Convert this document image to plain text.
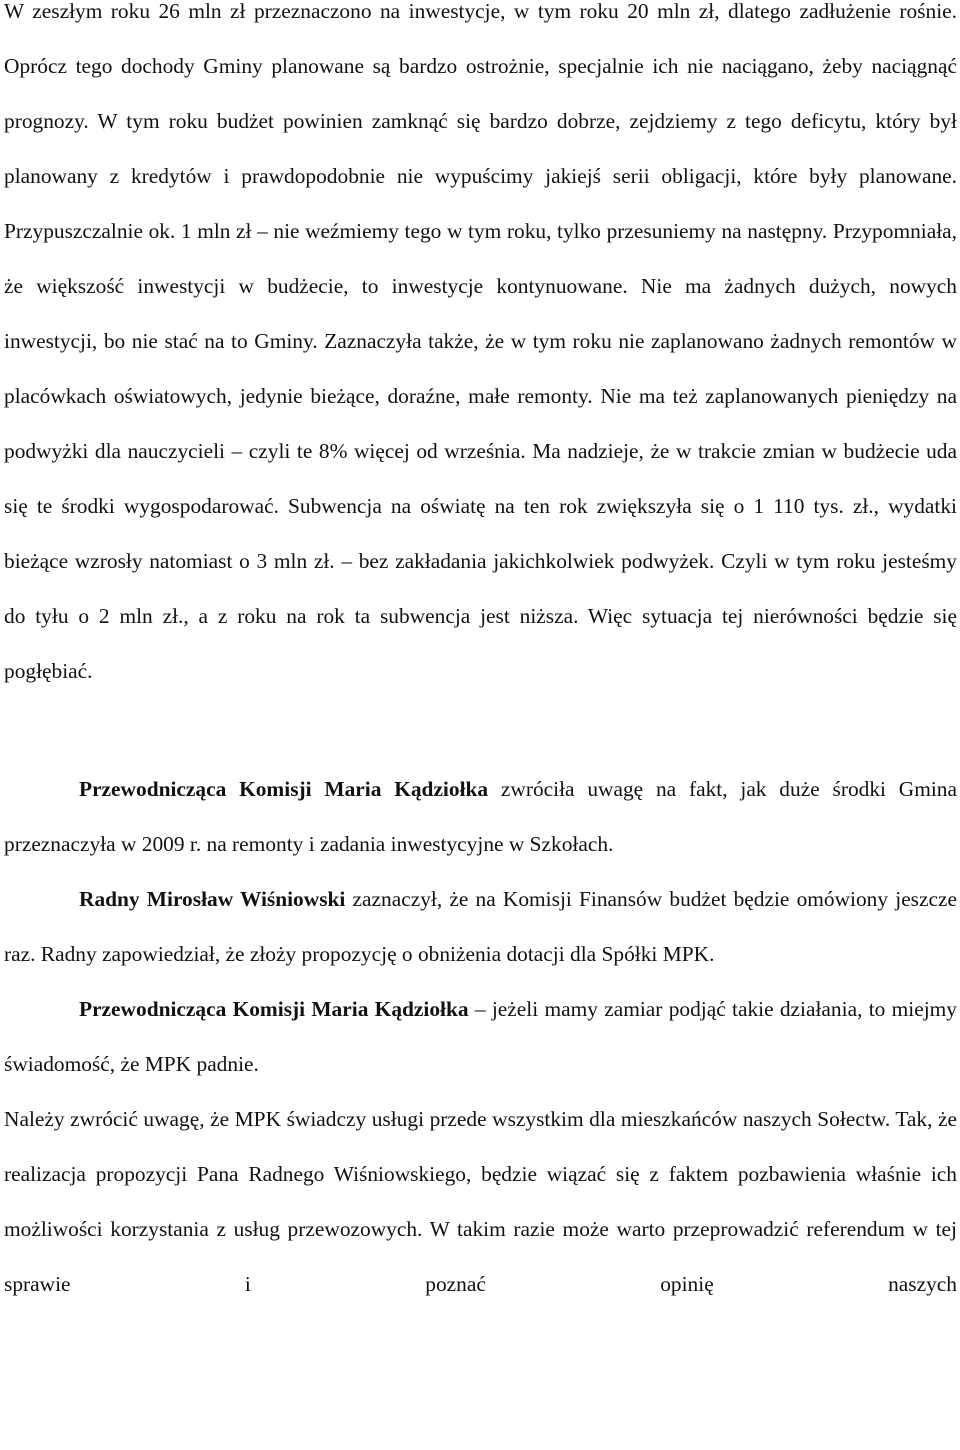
W zeszłym roku 26 mln zł przeznaczono na inwestycje, w tym roku 20 mln zł, dlatego zadłużenie rośnie. Oprócz tego dochody Gminy planowane są bardzo ostrożnie, specjalnie ich nie naciągano, żeby naciągnąć prognozy. W tym roku budżet powinien zamknąć się bardzo dobrze, zejdziemy z tego deficytu, który był planowany z kredytów i prawdopodobnie nie wypuścimy jakiejś serii obligacji, które były planowane. Przypuszczalnie ok. 1 mln zł – nie weźmiemy tego w tym roku, tylko przesuniemy na następny. Przypomniała, że większość inwestycji w budżecie, to inwestycje kontynuowane. Nie ma żadnych dużych, nowych inwestycji, bo nie stać na to Gminy. Zaznaczyła także, że w tym roku nie zaplanowano żadnych remontów w placówkach oświatowych, jedynie bieżące, doraźne, małe remonty. Nie ma też zaplanowanych pieniędzy na podwyżki dla nauczycieli – czyli te 8% więcej od września. Ma nadzieje, że w trakcie zmian w budżecie uda się te środki wygospodarować. Subwencja na oświatę na ten rok zwiększyła się o 1 110 tys. zł., wydatki bieżące wzrosły natomiast o 3 mln zł. – bez zakładania jakichkolwiek podwyżek. Czyli w tym roku jesteśmy do tyłu o 2 mln zł., a z roku na rok ta subwencja jest niższa. Więc sytuacja tej nierówności będzie się pogłębiać.

Przewodnicząca Komisji Maria Kądziołka zwróciła uwagę na fakt, jak duże środki Gmina przeznaczyła w 2009 r. na remonty i zadania inwestycyjne w Szkołach.

Radny Mirosław Wiśniowski zaznaczył, że na Komisji Finansów budżet będzie omówiony jeszcze raz. Radny zapowiedział, że złoży propozycję o obniżenia dotacji dla Spółki MPK.

Przewodnicząca Komisji Maria Kądziołka – jeżeli mamy zamiar podjąć takie działania, to miejmy świadomość, że MPK padnie.

Należy zwrócić uwagę, że MPK świadczy usługi przede wszystkim dla mieszkańców naszych Sołectw. Tak, że realizacja propozycji Pana Radnego Wiśniowskiego, będzie wiązać się z faktem pozbawienia właśnie ich możliwości korzystania z usług przewozowych. W takim razie może warto przeprowadzić referendum w tej sprawie i poznać opinię naszych
